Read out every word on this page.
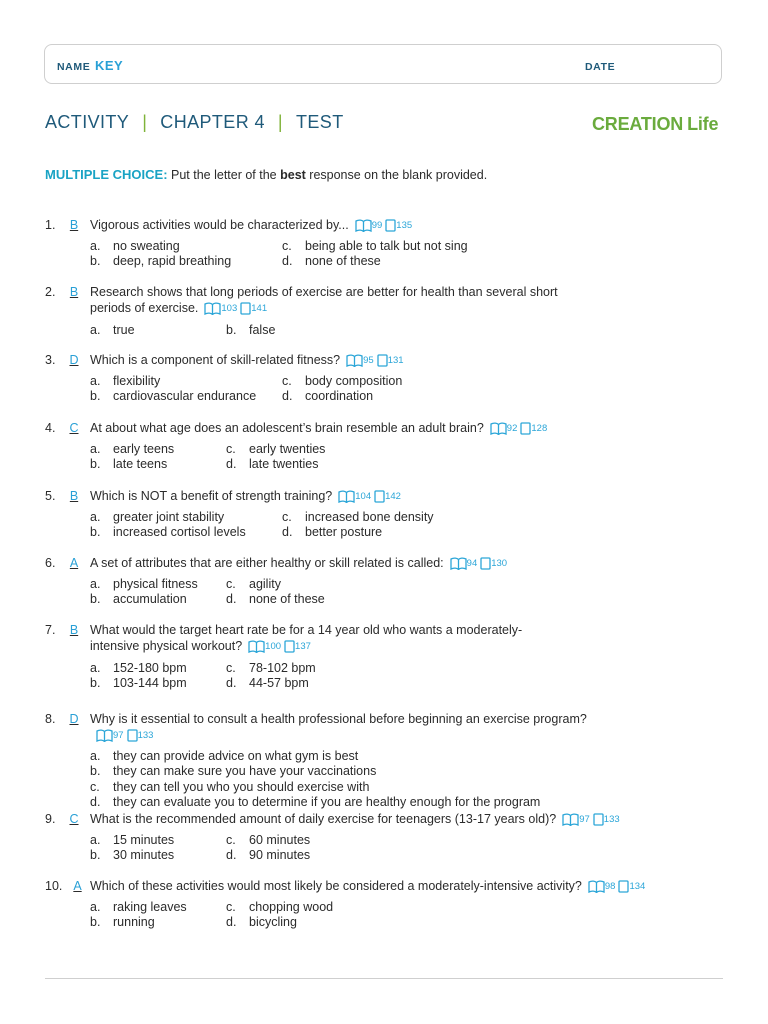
NAME KEY	DATE
ACTIVITY | CHAPTER 4 | TEST	CREATION Life
MULTIPLE CHOICE: Put the letter of the best response on the blank provided.
1.	B Vigorous activities would be characterized by... 99 135
a.	no sweating	c.	being able to talk but not sing
b.	deep, rapid breathing	d.	none of these
2.	B Research shows that long periods of exercise are better for health than several short periods of exercise. 103 141
a.	true	b.	false
3.	D Which is a component of skill-related fitness? 95 131
a.	flexibility	c.	body composition
b.	cardiovascular endurance d.	coordination
4.	C At about what age does an adolescent’s brain resemble an adult brain? 92 128
a.	early teens	c.	early twenties
b.	late teens	d.	late twenties
5.	B Which is NOT a benefit of strength training? 104 142
a.	greater joint stability	c.	increased bone density
b.	increased cortisol levels	d.	better posture
6.	A A set of attributes that are either healthy or skill related is called: 94 130
a.	physical fitness c.	agility
b.	accumulation	d.	none of these
7.	B What would the target heart rate be for a 14 year old who wants a moderately-intensive physical workout? 100 137
a.	152-180 bpm	c.	78-102 bpm
b.	103-144 bpm	d.	44-57 bpm
8.	D Why is it essential to consult a health professional before beginning an exercise program?
97 133
a.	they can provide advice on what gym is best
b.	they can make sure you have your vaccinations
c.	they can tell you who you should exercise with
d.	they can evaluate you to determine if you are healthy enough for the program
9.	C What is the recommended amount of daily exercise for teenagers (13-17 years old)? 97 133
a.	15 minutes	c.	60 minutes
b.	30 minutes	d.	90 minutes
10. A Which of these activities would most likely be considered a moderately-intensive activity? 98 134
a.	raking leaves	c.	chopping wood
b.	running	d.	bicycling
